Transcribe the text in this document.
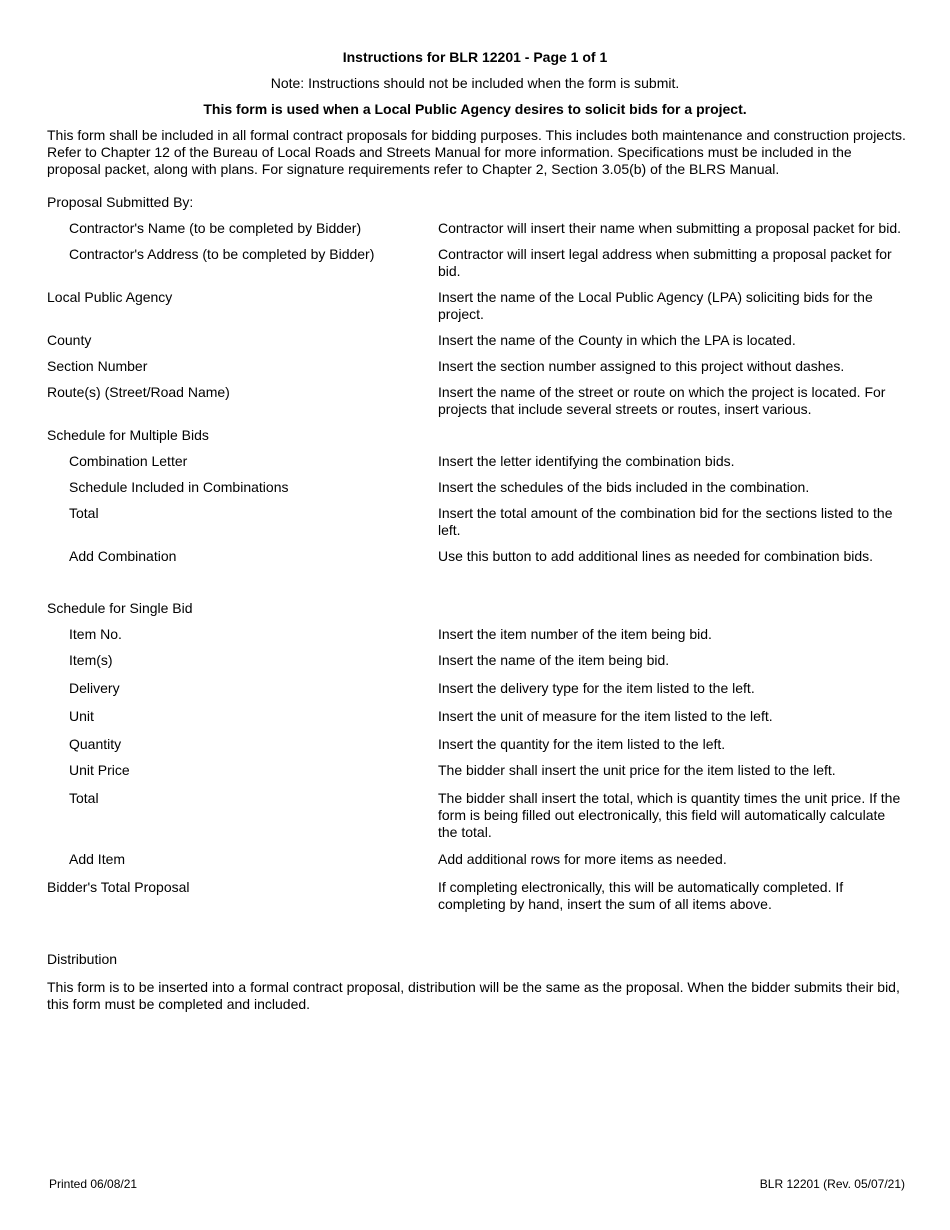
Instructions for BLR 12201 - Page 1 of 1
Note: Instructions should not be included when the form is submit.
This form is used when a Local Public Agency desires to solicit bids for a project.
This form shall be included in all formal contract proposals for bidding purposes. This includes both maintenance and construction projects. Refer to Chapter 12 of the Bureau of Local Roads and Streets Manual for more information. Specifications must be included in the proposal packet, along with plans. For signature requirements refer to Chapter 2, Section 3.05(b) of the BLRS Manual.
Proposal Submitted By:
Contractor's Name (to be completed by Bidder)	Contractor will insert their name when submitting a proposal packet for bid.
Contractor's Address (to be completed by Bidder)	Contractor will insert legal address when submitting a proposal packet for bid.
Local Public Agency	Insert the name of the Local Public Agency (LPA) soliciting bids for the project.
County	Insert the name of the County in which the LPA is located.
Section Number	Insert the section number assigned to this project without dashes.
Route(s) (Street/Road Name)	Insert the name of the street or route on which the project is located. For projects that include several streets or routes, insert various.
Schedule for Multiple Bids
Combination Letter	Insert the letter identifying the combination bids.
Schedule Included in Combinations	Insert the schedules of the bids included in the combination.
Total	Insert the total amount of the combination bid for the sections listed to the left.
Add Combination	Use this button to add additional lines as needed for combination bids.
Schedule for Single Bid
Item No.	Insert the item number of the item being bid.
Item(s)	Insert the name of the item being bid.
Delivery	Insert the delivery type for the item listed to the left.
Unit	Insert the unit of measure for the item listed to the left.
Quantity	Insert the quantity for the item listed to the left.
Unit Price	The bidder shall insert the unit price for the item listed to the left.
Total	The bidder shall insert the total, which is quantity times the unit price. If the form is being filled out electronically, this field will automatically calculate the total.
Add Item	Add additional rows for more items as needed.
Bidder's Total Proposal	If completing electronically, this will be automatically completed. If completing by hand, insert the sum of all items above.
Distribution
This form is to be inserted into a formal contract proposal, distribution will be the same as the proposal. When the bidder submits their bid, this form must be completed and included.
Printed 06/08/21	BLR 12201 (Rev. 05/07/21)
